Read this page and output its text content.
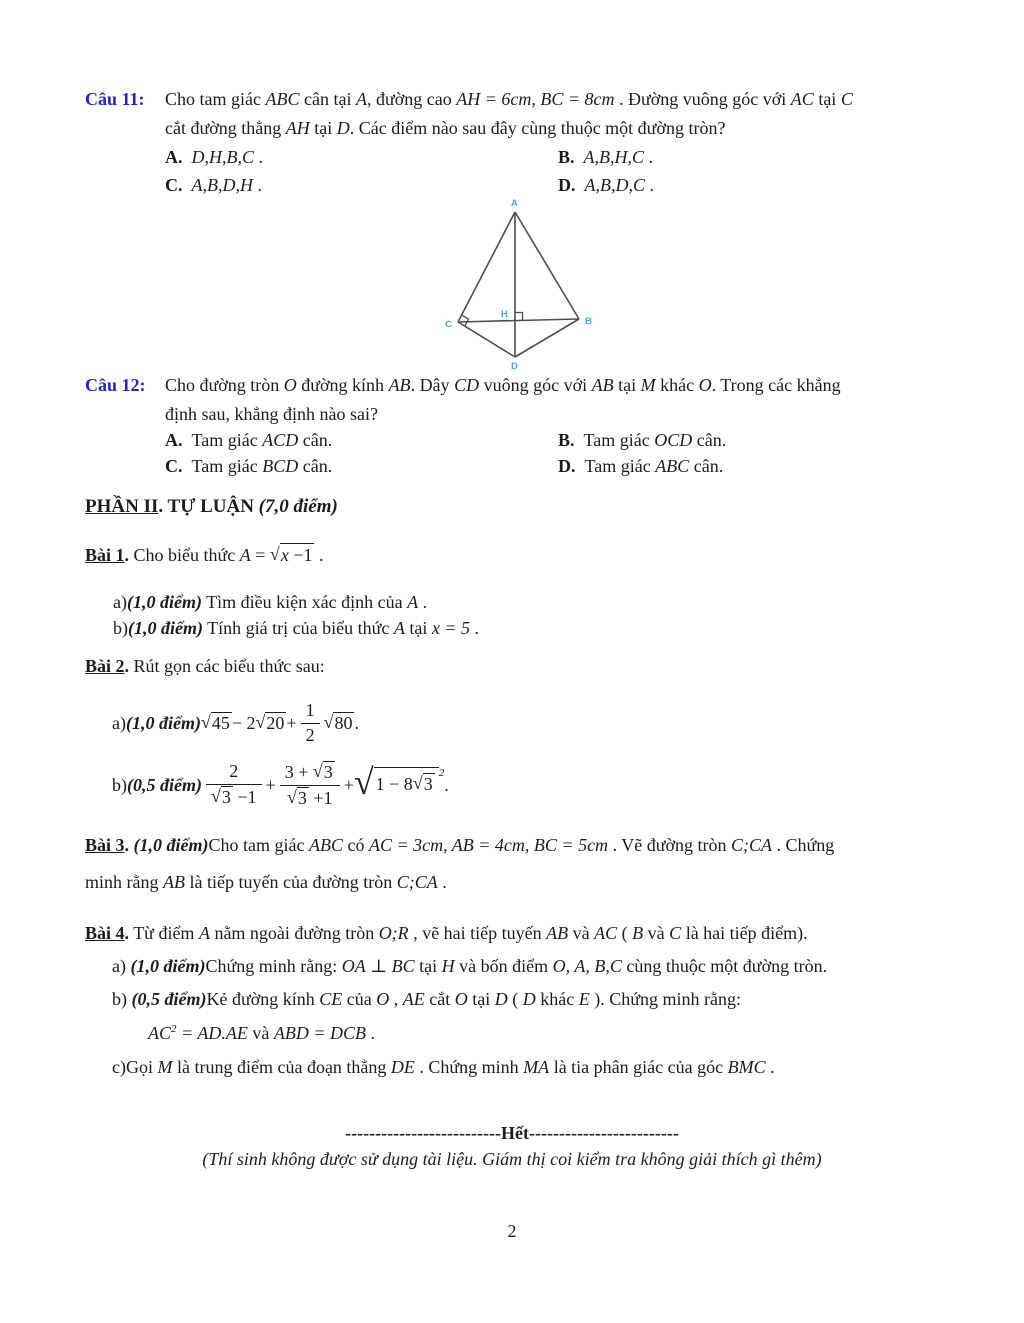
Câu 11: Cho tam giác ABC cân tại A, đường cao AH = 6cm, BC = 8cm . Đường vuông góc với AC tại C
cắt đường thẳng AH tại D. Các điểm nào sau đây cùng thuộc một đường tròn?
A. D,H,B,C .	B. A,B,H,C .
C. A,B,D,H .	D. A,B,D,C .
A
C	B
H
D
Câu 12: Cho đường tròn O đường kính AB. Dây CD vuông góc với AB tại M khác O. Trong các khẳng
định sau, khẳng định nào sai?
A. Tam giác ACD cân.	B. Tam giác OCD cân.
C. Tam giác BCD cân.	D. Tam giác ABC cân.
PHẦN II. TỰ LUẬN (7,0 điểm)
Bài 1. Cho biểu thức A = √x −1 .
a)(1,0 điểm) Tìm điều kiện xác định của A .
b)(1,0 điểm) Tính giá trị của biểu thức A tại x = 5 .
Bài 2. Rút gọn các biểu thức sau:
a) (1,0 điểm) √45 − 2 $√20 + \frac{1}{2} √80$ .
b) (0,5 điểm) $\frac{2}{√3 -1} + \frac{3 + √3}{√3 +1}$ + √ 1 − 8√3
2
.
Bài 3. (1,0 điểm)Cho tam giác ABC có AC = 3cm, AB = 4cm, BC = 5cm . Vẽ đường tròn C;CA . Chứng
minh rằng AB là tiếp tuyến của đường tròn C;CA .
Bài 4. Từ điểm A nằm ngoài đường tròn O;R , vẽ hai tiếp tuyến AB và AC ( B và C là hai tiếp điểm).
a) (1,0 điểm)Chứng minh rằng: OA ⊥ BC tại H và bốn điểm O, A, B,C cùng thuộc một đường tròn.
b) (0,5 điểm)Kẻ đường kính CE của O , AE cắt O tại D ( D khác E ). Chứng minh rằng:
$AC^2 = AD.AE$ và ABD = DCB .
c)Gọi M là trung điểm của đoạn thẳng DE . Chứng minh MA là tia phân giác của góc BMC .
--------------------------Hết-------------------------
(Thí sinh không được sử dụng tài liệu. Giám thị coi kiểm tra không giải thích gì thêm)
2
